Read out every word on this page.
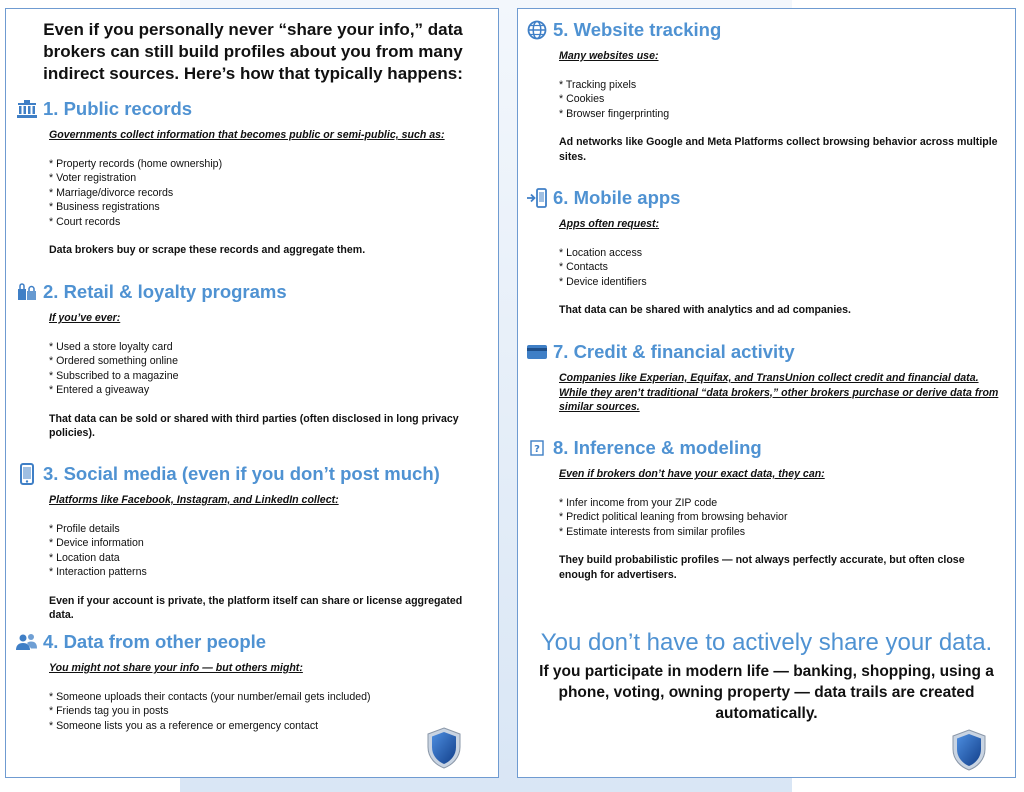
Even if you personally never “share your info,” data brokers can still build profiles about you from many indirect sources. Here’s how that typically happens:
1. Public records
Governments collect information that becomes public or semi-public, such as:
* Property records (home ownership)
* Voter registration
* Marriage/divorce records
* Business registrations
* Court records
Data brokers buy or scrape these records and aggregate them.
2. Retail & loyalty programs
If you’ve ever:
* Used a store loyalty card
* Ordered something online
* Subscribed to a magazine
* Entered a giveaway
That data can be sold or shared with third parties (often disclosed in long privacy policies).
3. Social media (even if you don’t post much)
Platforms like Facebook, Instagram, and LinkedIn collect:
* Profile details
* Device information
* Location data
* Interaction patterns
Even if your account is private, the platform itself can share or license aggregated data.
4. Data from other people
You might not share your info — but others might:
* Someone uploads their contacts (your number/email gets included)
* Friends tag you in posts
* Someone lists you as a reference or emergency contact
5. Website tracking
Many websites use:
* Tracking pixels
* Cookies
* Browser fingerprinting
Ad networks like Google and Meta Platforms collect browsing behavior across multiple sites.
6. Mobile apps
Apps often request:
* Location access
* Contacts
* Device identifiers
That data can be shared with analytics and ad companies.
7. Credit & financial activity
Companies like Experian, Equifax, and TransUnion collect credit and financial data. While they aren’t traditional “data brokers,” other brokers purchase or derive data from similar sources.
? 8. Inference & modeling
Even if brokers don’t have your exact data, they can:
* Infer income from your ZIP code
* Predict political leaning from browsing behavior
* Estimate interests from similar profiles
They build probabilistic profiles — not always perfectly accurate, but often close enough for advertisers.
You don’t have to actively share your data.
If you participate in modern life — banking, shopping, using a phone, voting, owning property — data trails are created automatically.
